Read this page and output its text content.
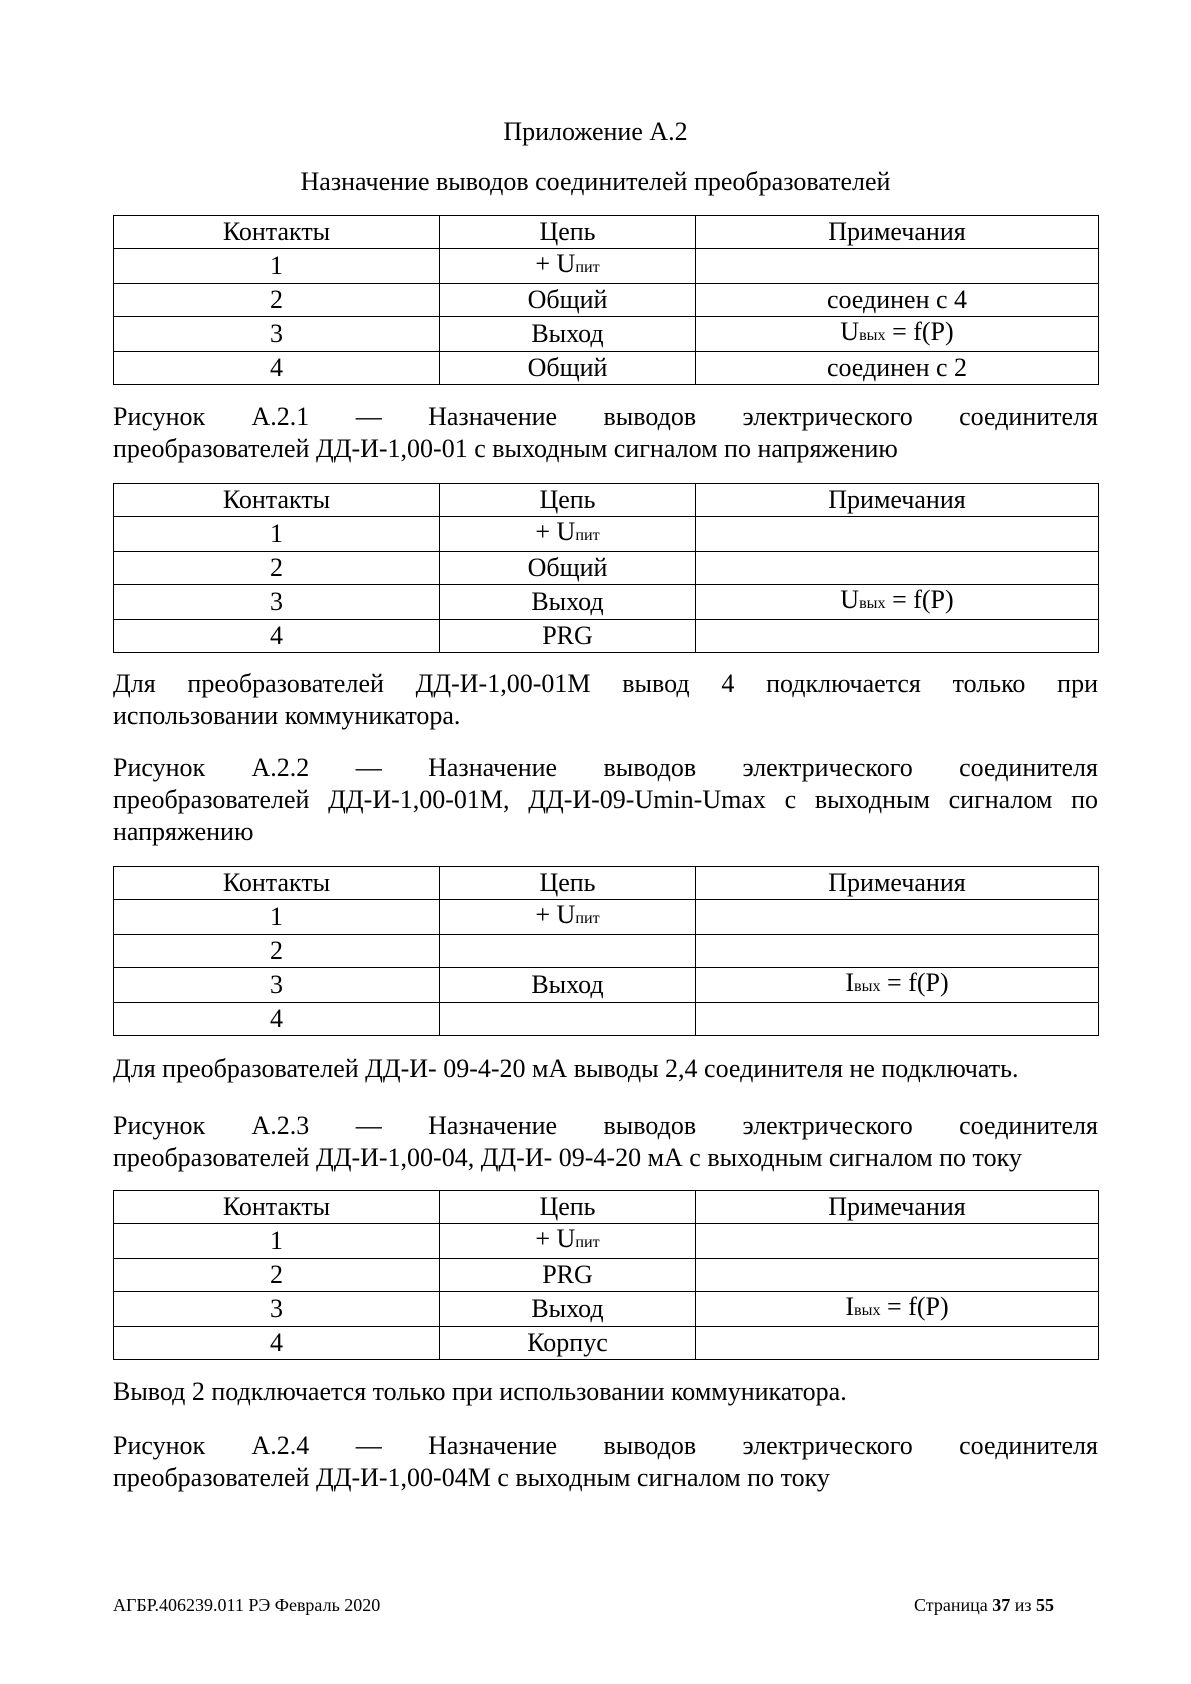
Приложение А.2
Назначение выводов соединителей преобразователей
Контакты	Цепь	Примечания
1	+ Uпит	
2	Общий	соединен с 4
3	Выход	Uвых = f(P)
4	Общий	соединен с 2
Рисунок А.2.1 — Назначение выводов электрического соединителя
преобразователей ДД-И-1,00-01 с выходным сигналом по напряжению
Контакты	Цепь	Примечания
1	+ Uпит	
2	Общий	
3	Выход	Uвых = f(P)
4	PRG	
Для преобразователей ДД-И-1,00-01М вывод 4 подключается только при
использовании коммуникатора.
Рисунок А.2.2 — Назначение выводов электрического соединителя
преобразователей ДД-И-1,00-01М, ДД-И-09-Umin-Umax с выходным сигналом по
напряжению
Контакты	Цепь	Примечания
1	+ Uпит	
2		
3	Выход	Iвых = f(P)
4		
Для преобразователей ДД-И- 09-4-20 мА выводы 2,4 соединителя не подключать.
Рисунок А.2.3 — Назначение выводов электрического соединителя
преобразователей ДД-И-1,00-04, ДД-И- 09-4-20 мА с выходным сигналом по току
Контакты	Цепь	Примечания
1	+ Uпит	
2	PRG	
3	Выход	Iвых = f(P)
4	Корпус	
Вывод 2 подключается только при использовании коммуникатора.
Рисунок А.2.4 — Назначение выводов электрического соединителя
преобразователей ДД-И-1,00-04М с выходным сигналом по току
АГБР.406239.011 РЭ Февраль 2020	Страница 37 из 55
